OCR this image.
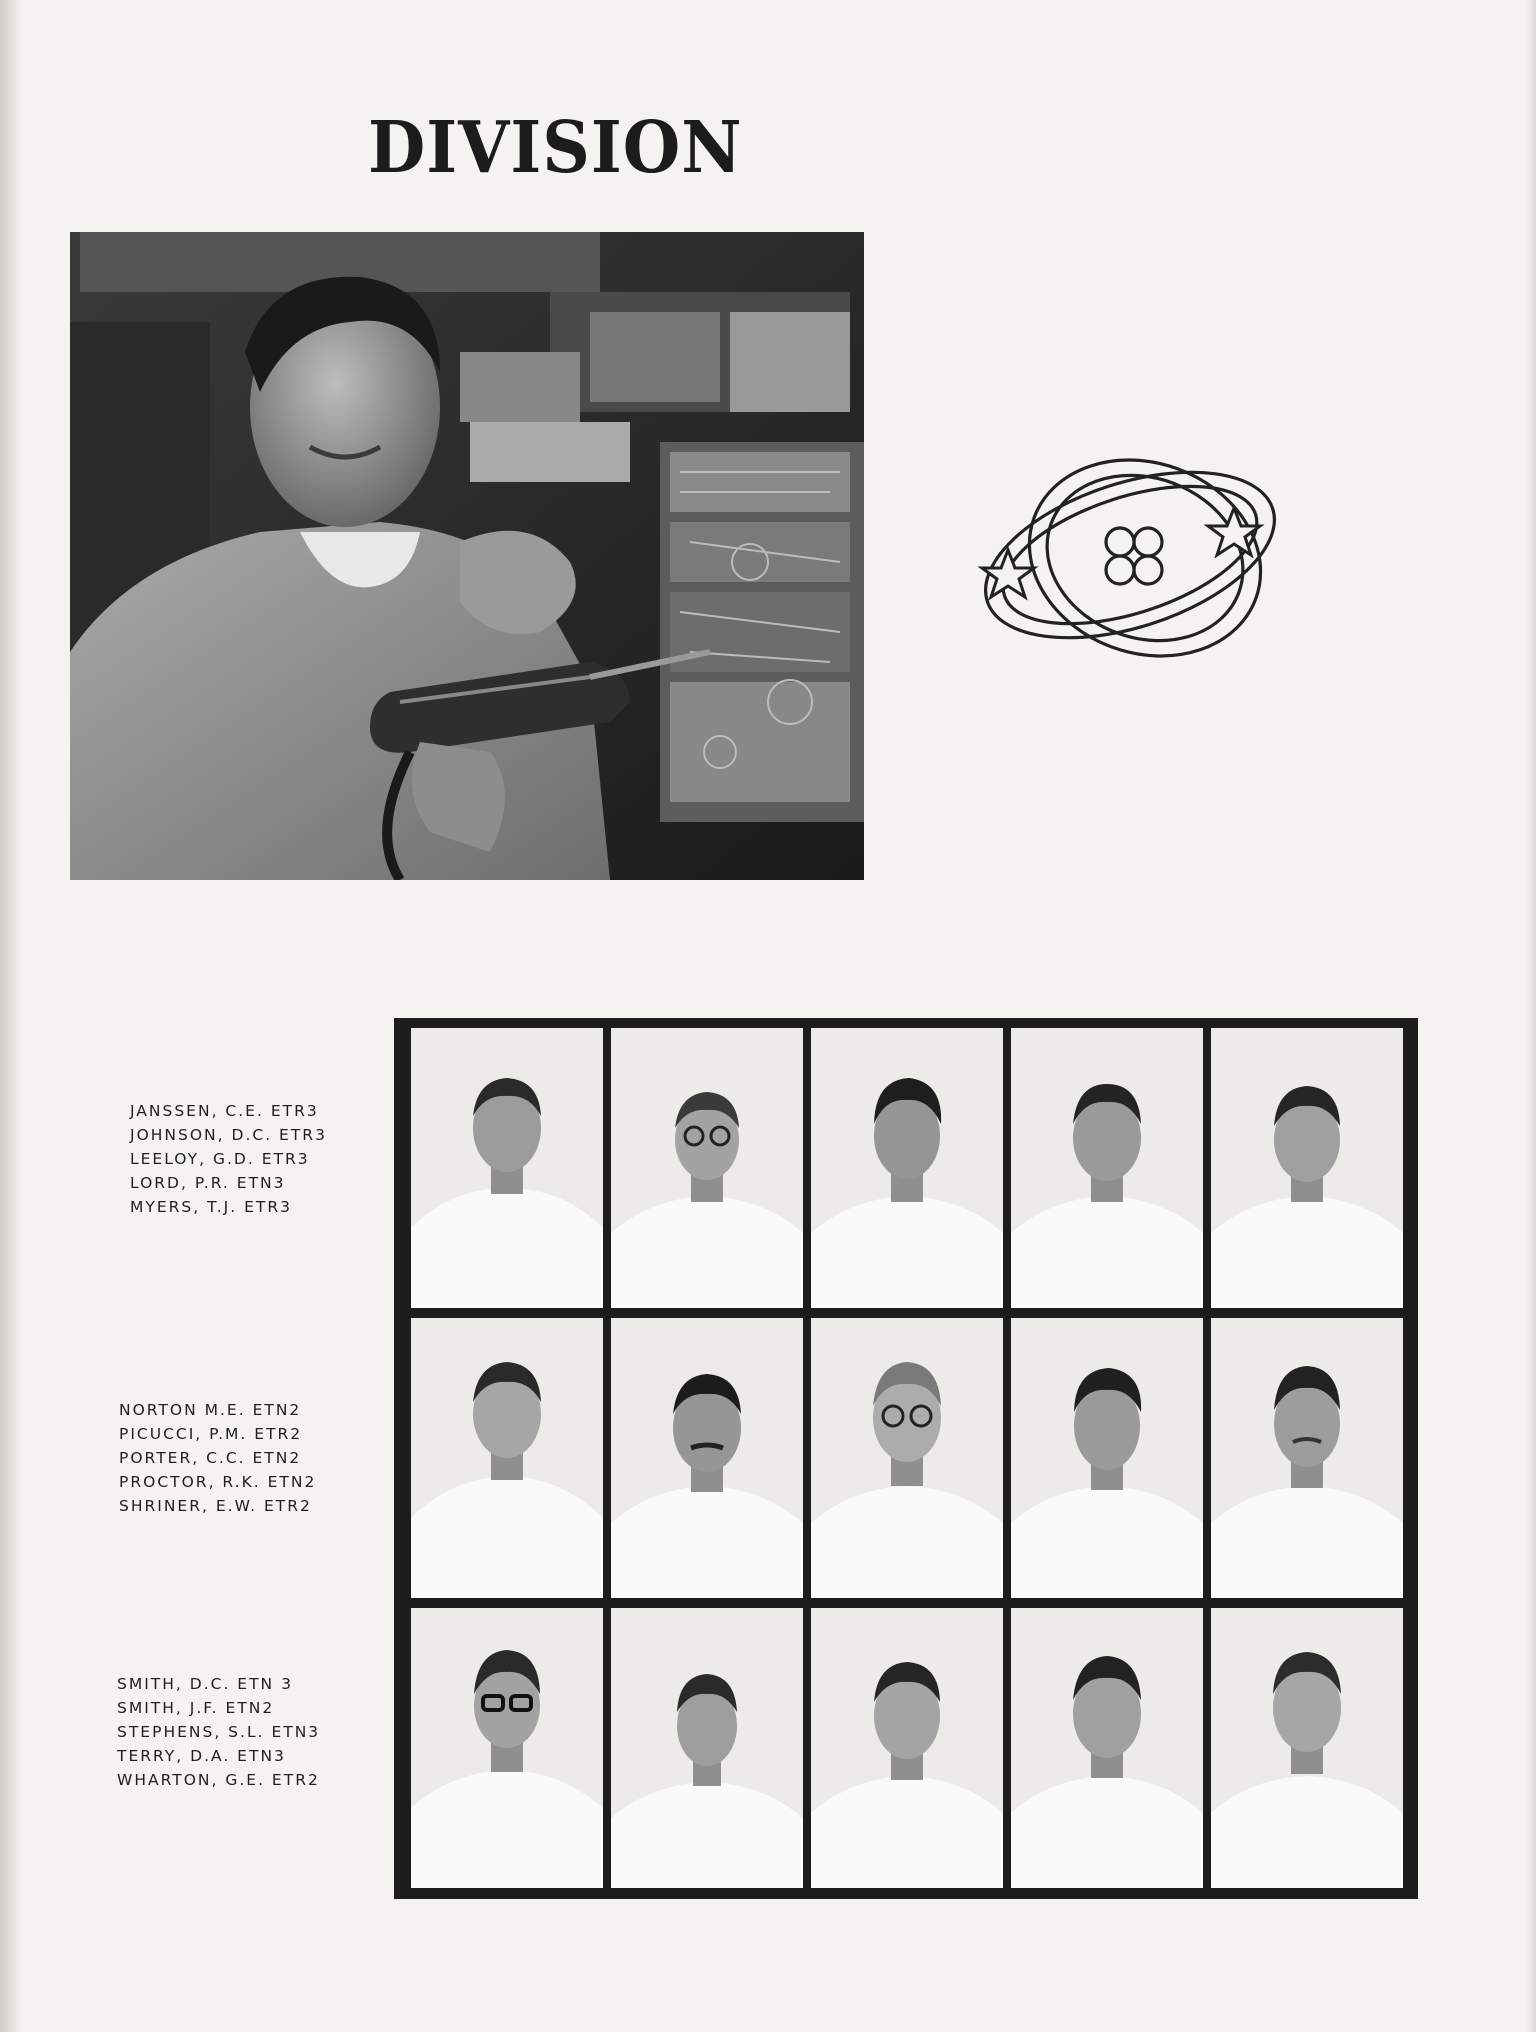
DIVISION
JANSSEN, C.E. ETR3
JOHNSON, D.C. ETR3
LEELOY, G.D. ETR3
LORD, P.R. ETN3
MYERS, T.J. ETR3
NORTON M.E. ETN2
PICUCCI, P.M. ETR2
PORTER, C.C. ETN2
PROCTOR, R.K. ETN2
SHRINER, E.W. ETR2
SMITH, D.C. ETN 3
SMITH, J.F. ETN2
STEPHENS, S.L. ETN3
TERRY, D.A. ETN3
WHARTON, G.E. ETR2
